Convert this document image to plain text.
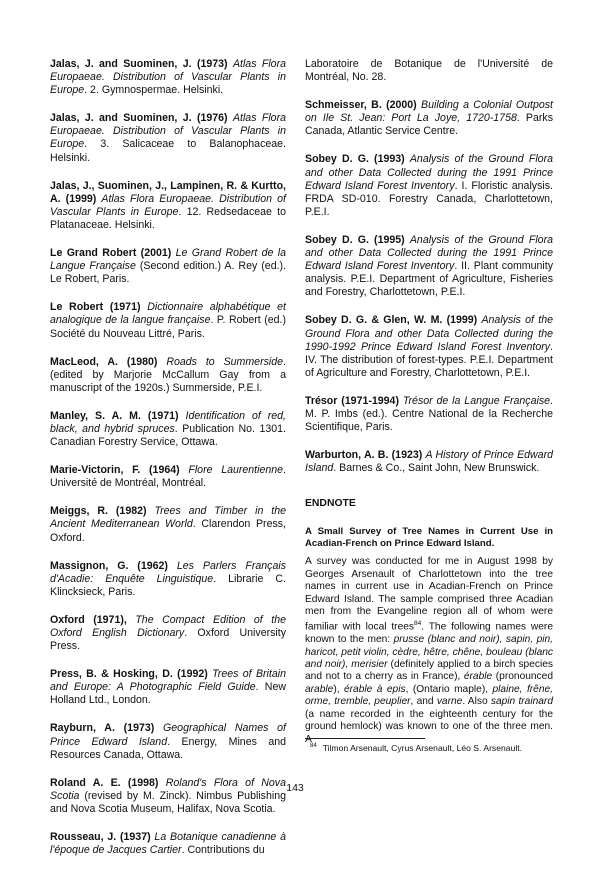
Jalas, J. and Suominen, J. (1973) Atlas Flora Europaeae. Distribution of Vascular Plants in Europe. 2. Gymnospermae. Helsinki.

Jalas, J. and Suominen, J. (1976) Atlas Flora Europaeae. Distribution of Vascular Plants in Europe. 3. Salicaceae to Balanophaceae. Helsinki.

Jalas, J., Suominen, J., Lampinen, R. & Kurtto, A. (1999) Atlas Flora Europaeae. Distribution of Vascular Plants in Europe. 12. Redsedaceae to Platanaceae. Helsinki.

Le Grand Robert (2001) Le Grand Robert de la Langue Française (Second edition.) A. Rey (ed.). Le Robert, Paris.

Le Robert (1971) Dictionnaire alphabétique et analogique de la langue française. P. Robert (ed.) Société du Nouveau Littré, Paris.

MacLeod, A. (1980) Roads to Summerside. (edited by Marjorie McCallum Gay from a manuscript of the 1920s.) Summerside, P.E.I.

Manley, S. A. M. (1971) Identification of red, black, and hybrid spruces. Publication No. 1301. Canadian Forestry Service, Ottawa.

Marie-Victorin, F. (1964) Flore Laurentienne. Université de Montréal, Montréal.

Meiggs, R. (1982) Trees and Timber in the Ancient Mediterranean World. Clarendon Press, Oxford.

Massignon, G. (1962) Les Parlers Français d'Acadie: Enquête Linguistique. Librarie C. Klincksieck, Paris.

Oxford (1971), The Compact Edition of the Oxford English Dictionary. Oxford University Press.

Press, B. & Hosking, D. (1992) Trees of Britain and Europe: A Photographic Field Guide. New Holland Ltd., London.

Rayburn, A. (1973) Geographical Names of Prince Edward Island. Energy, Mines and Resources Canada, Ottawa.

Roland A. E. (1998) Roland's Flora of Nova Scotia (revised by M. Zinck). Nimbus Publishing and Nova Scotia Museum, Halifax, Nova Scotia.

Rousseau, J. (1937) La Botanique canadienne à l'époque de Jacques Cartier. Contributions du

Laboratoire de Botanique de l'Université de Montréal, No. 28.

Schmeisser, B. (2000) Building a Colonial Outpost on Ile St. Jean: Port La Joye, 1720-1758. Parks Canada, Atlantic Service Centre.

Sobey D. G. (1993) Analysis of the Ground Flora and other Data Collected during the 1991 Prince Edward Island Forest Inventory. I. Floristic analysis. FRDA SD-010. Forestry Canada, Charlottetown, P.E.I.

Sobey D. G. (1995) Analysis of the Ground Flora and other Data Collected during the 1991 Prince Edward Island Forest Inventory. II. Plant community analysis. P.E.I. Department of Agriculture, Fisheries and Forestry, Charlottetown, P.E.I.

Sobey D. G. & Glen, W. M. (1999) Analysis of the Ground Flora and other Data Collected during the 1990-1992 Prince Edward Island Forest Inventory. IV. The distribution of forest-types. P.E.I. Department of Agriculture and Forestry, Charlottetown, P.E.I.

Trésor (1971-1994) Trésor de la Langue Française. M. P. Imbs (ed.). Centre National de la Recherche Scientifique, Paris.

Warburton, A. B. (1923) A History of Prince Edward Island. Barnes & Co., Saint John, New Brunswick.

ENDNOTE
A Small Survey of Tree Names in Current Use in Acadian-French on Prince Edward Island.

A survey was conducted for me in August 1998 by Georges Arsenault of Charlottetown into the tree names in current use in Acadian-French on Prince Edward Island. The sample comprised three Acadian men from the Evangeline region all of whom were familiar with local trees$^{84}$. The following names were known to the men: prusse (blanc and noir), sapin, pin, haricot, petit violin, cèdre, hêtre, chêne, bouleau (blanc and noir), merisier (definitely applied to a birch species and not to a cherry as in France), érable (pronounced arable), érable à epis, (Ontario maple), plaine, frêne, orme, tremble, peuplier, and varne. Also sapin trainard (a name recorded in the eighteenth century for the ground hemlock) was known to one of the three men. A

$^{84}$ Tilmon Arsenault, Cyrus Arsenault, Léo S. Arsenault.
143
